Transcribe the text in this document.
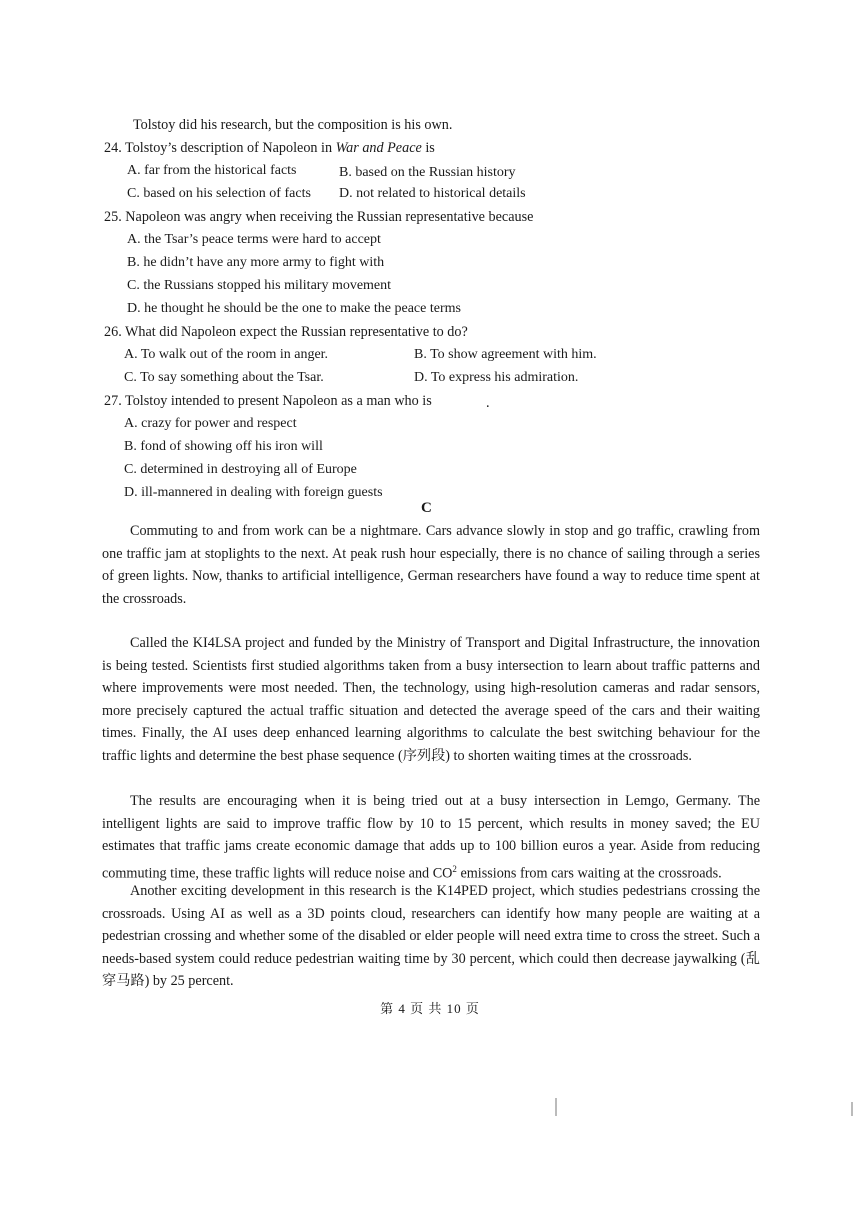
Tolstoy did his research, but the composition is his own.
24. Tolstoy’s description of Napoleon in War and Peace is
A. far from the historical facts	B. based on the Russian history
C. based on his selection of facts D. not related to historical details
25. Napoleon was angry when receiving the Russian representative because
A. the Tsar’s peace terms were hard to accept
B. he didn’t have any more army to fight with
C. the Russians stopped his military movement
D. he thought he should be the one to make the peace terms
26. What did Napoleon expect the Russian representative to do?
A. To walk out of the room in anger.	B. To show agreement with him.
C. To say something about the Tsar.	D. To express his admiration.
27. Tolstoy intended to present Napoleon as a man who is	.
A. crazy for power and respect
B. fond of showing off his iron will
C. determined in destroying all of Europe
D. ill-mannered in dealing with foreign guests
C

Commuting to and from work can be a nightmare. Cars advance slowly in stop and go traffic, crawling from one traffic jam at stoplights to the next. At peak rush hour especially, there is no chance of sailing through a series of green lights. Now, thanks to artificial intelligence, German researchers have found a way to reduce time spent at the crossroads.

Called the KI4LSA project and funded by the Ministry of Transport and Digital Infrastructure, the innovation is being tested. Scientists first studied algorithms taken from a busy intersection to learn about traffic patterns and where improvements were most needed. Then, the technology, using high-resolution cameras and radar sensors, more precisely captured the actual traffic situation and detected the average speed of the cars and their waiting times. Finally, the AI uses deep enhanced learning algorithms to calculate the best switching behaviour for the traffic lights and determine the best phase sequence (序列段) to shorten waiting times at the crossroads.

The results are encouraging when it is being tried out at a busy intersection in Lemgo, Germany. The intelligent lights are said to improve traffic flow by 10 to 15 percent, which results in money saved; the EU estimates that traffic jams create economic damage that adds up to 100 billion euros a year. Aside from reducing commuting time, these traffic lights will reduce noise and $CO^2$ emissions from cars waiting at the crossroads.

Another exciting development in this research is the K14PED project, which studies pedestrians crossing the crossroads. Using AI as well as a 3D points cloud, researchers can identify how many people are waiting at a pedestrian crossing and whether some of the disabled or elder people will need extra time to cross the street. Such a needs-based system could reduce pedestrian waiting time by 30 percent, which could then decrease jaywalking (乱穿马路) by 25 percent.

第 4 页 共 10 页
